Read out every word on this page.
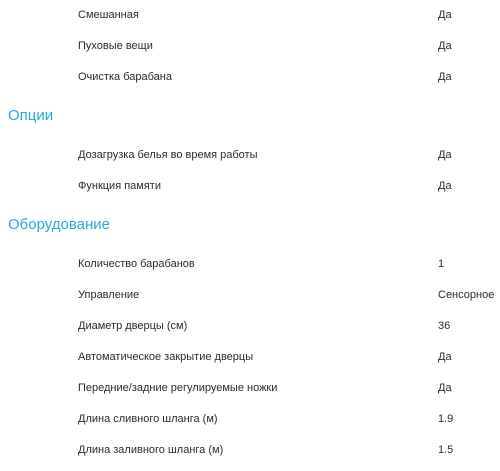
Смешанная	Да
Пуховые вещи	Да
Очистка барабана	Да
Опции
Дозагрузка белья во время работы	Да
Функция памяти	Да
Оборудование
Количество барабанов	1
Управление	Сенсорное
Диаметр дверцы (см)	36
Автоматическое закрытие дверцы	Да
Передние/задние регулируемые ножки	Да
Длина сливного шланга (м)	1.9
Длина заливного шланга (м)	1.5
